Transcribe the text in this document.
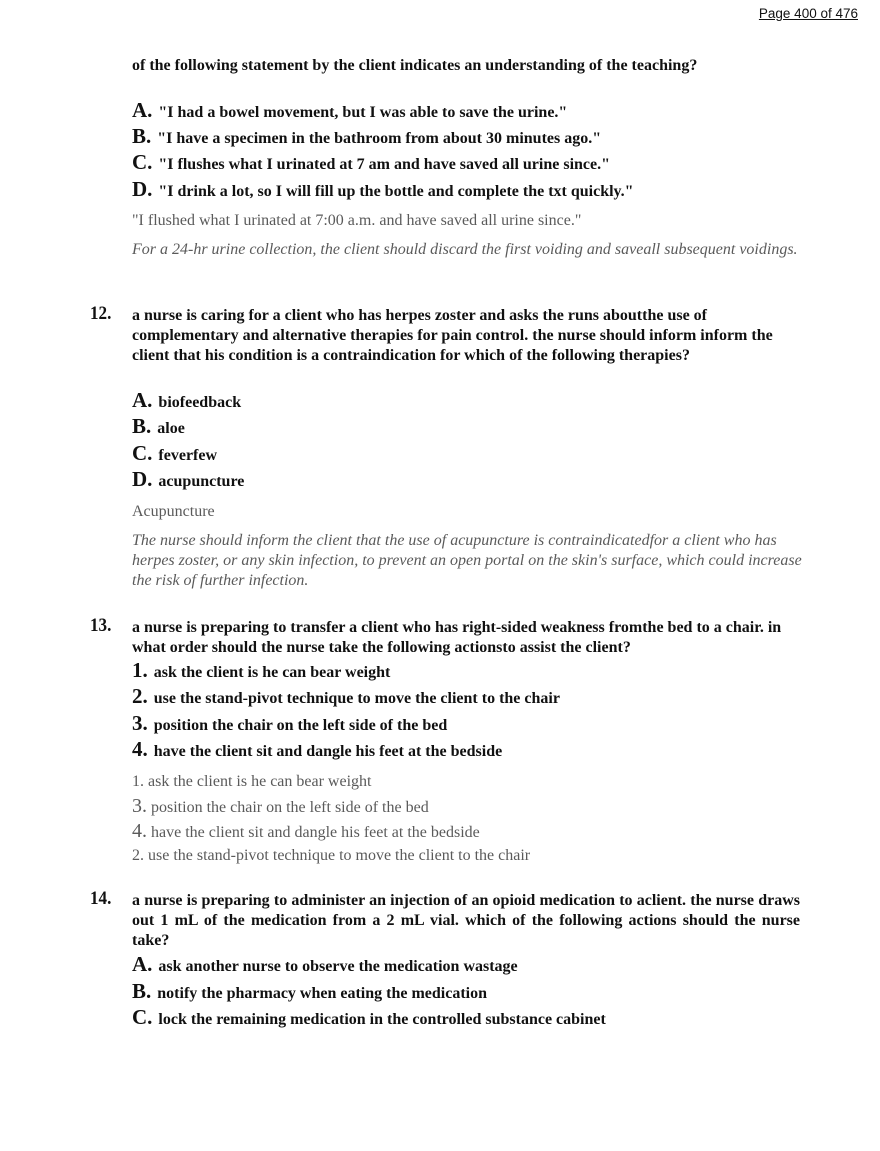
Page 400 of 476
of the following statement by the client indicates an understanding of the teaching?
A. "I had a bowel movement, but I was able to save the urine."
B. "I have a specimen in the bathroom from about 30 minutes ago."
C. "I flushes what I urinated at 7 am and have saved all urine since."
D. "I drink a lot, so I will fill up the bottle and complete the txt quickly."
"I flushed what I urinated at 7:00 a.m. and have saved all urine since."
For a 24-hr urine collection, the client should discard the first voiding and saveall subsequent voidings.
12. a nurse is caring for a client who has herpes zoster and asks the runs aboutthe use of complementary and alternative therapies for pain control. the nurse should inform inform the client that his condition is a contraindication for which of the following therapies?
A. biofeedback
B. aloe
C. feverfew
D. acupuncture
Acupuncture
The nurse should inform the client that the use of acupuncture is contraindicatedfor a client who has herpes zoster, or any skin infection, to prevent an open portal on the skin's surface, which could increase the risk of further infection.
13. a nurse is preparing to transfer a client who has right-sided weakness fromthe bed to a chair. in what order should the nurse take the following actionsto assist the client?
1. ask the client is he can bear weight
2. use the stand-pivot technique to move the client to the chair
3. position the chair on the left side of the bed
4. have the client sit and dangle his feet at the bedside
1. ask the client is he can bear weight
3. position the chair on the left side of the bed
4. have the client sit and dangle his feet at the bedside
2. use the stand-pivot technique to move the client to the chair
14. a nurse is preparing to administer an injection of an opioid medication to aclient. the nurse draws out 1 mL of the medication from a 2 mL vial. which of the following actions should the nurse take?
A. ask another nurse to observe the medication wastage
B. notify the pharmacy when eating the medication
C. lock the remaining medication in the controlled substance cabinet
